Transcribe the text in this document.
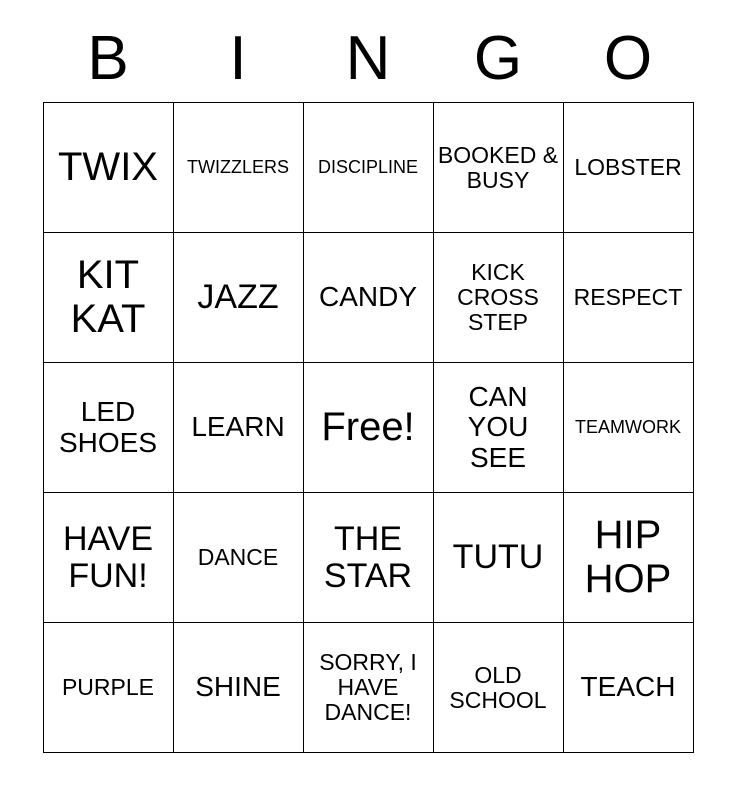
B	I	N	G	O
TWIX	TWIZZLERS	DISCIPLINE	BOOKED & BUSY	LOBSTER
KIT KAT	JAZZ	CANDY	KICK CROSS STEP	RESPECT
LED SHOES	LEARN	Free!	CAN YOU SEE	TEAMWORK
HAVE FUN!	DANCE	THE STAR	TUTU	HIP HOP
PURPLE	SHINE	SORRY, I HAVE DANCE!	OLD SCHOOL	TEACH
